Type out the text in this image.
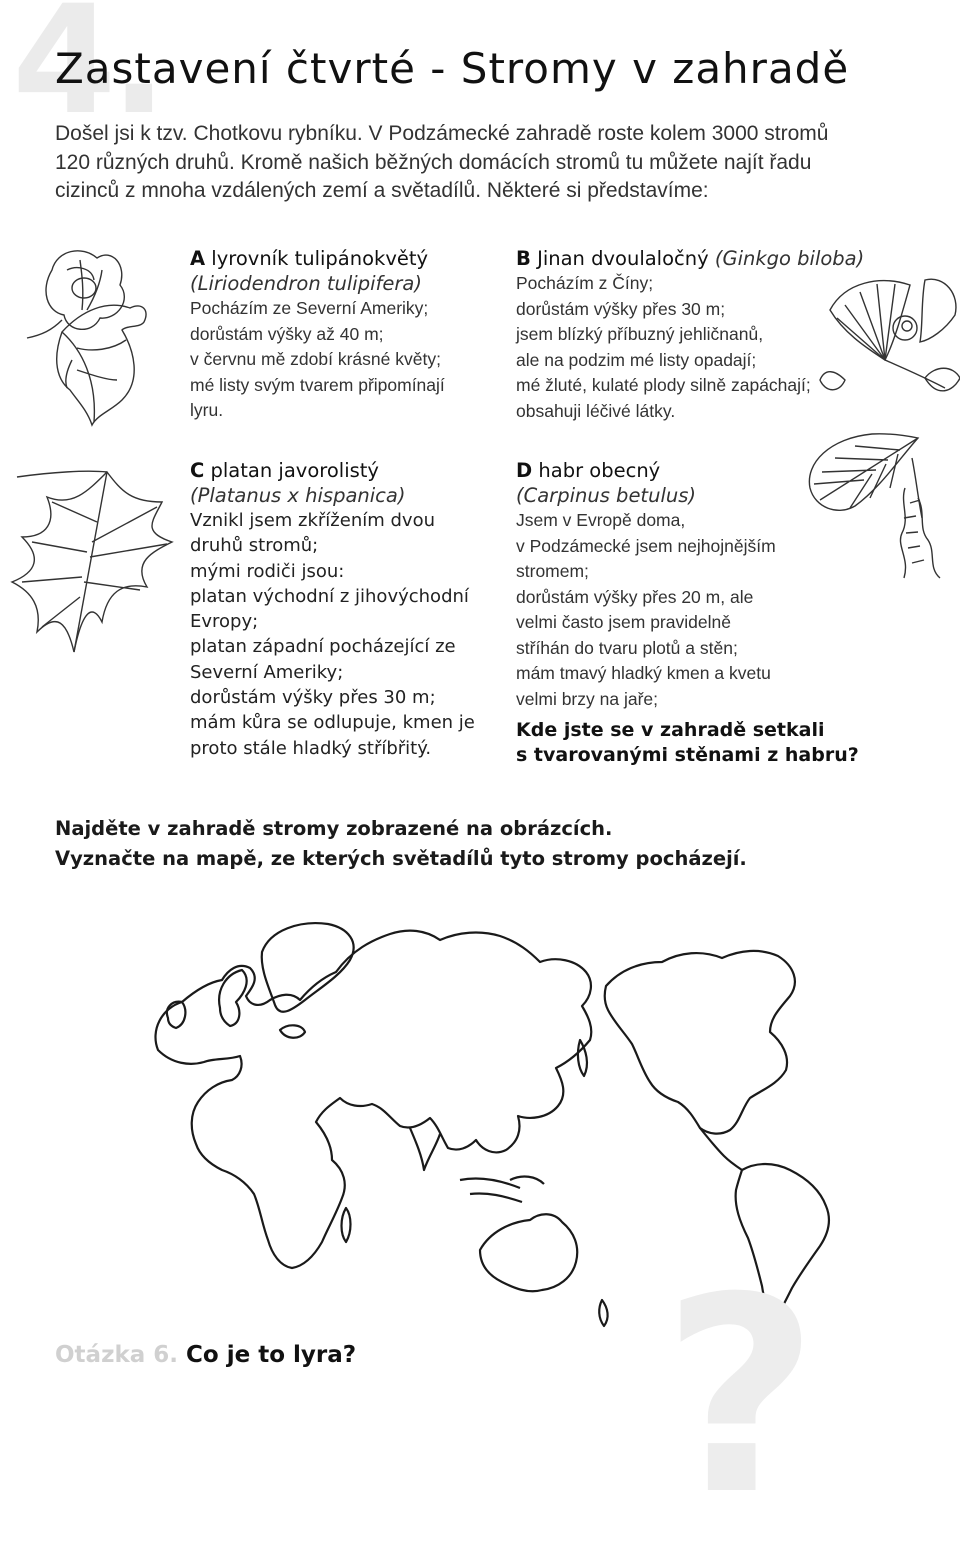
4.
Zastavení čtvrté - Stromy v zahradě
Došel jsi k tzv. Chotkovu rybníku. V Podzámecké zahradě roste kolem 3000 stromů
120 různých druhů. Kromě našich běžných domácích stromů tu můžete najít řadu
cizinců z mnoha vzdálených zemí a světadílů. Některé si představíme:
A lyrovník tulipánokvětý
(Liriodendron tulipifera)
Pocházím ze Severní Ameriky;
dorůstám výšky až 40 m;
v červnu mě zdobí krásné květy;
mé listy svým tvarem připomínají
lyru.
B Jinan dvoulaločný (Ginkgo biloba)
Pocházím z Číny;
dorůstám výšky přes 30 m;
jsem blízký příbuzný jehličnanů,
ale na podzim mé listy opadají;
mé žluté, kulaté plody silně zapáchají;
obsahuji léčivé látky.
C platan javorolistý
(Platanus x hispanica)
Vznikl jsem zkřížením dvou
druhů stromů;
mými rodiči jsou:
platan východní z jihovýchodní
Evropy;
platan západní pocházející ze
Severní Ameriky;
dorůstám výšky přes 30 m;
mám kůra se odlupuje, kmen je
proto stále hladký stříbřitý.
D habr obecný
(Carpinus betulus)
Jsem v Evropě doma,
v Podzámecké jsem nejhojnějším
stromem;
dorůstám výšky přes 20 m, ale
velmi často jsem pravidelně
stříhán do tvaru plotů a stěn;
mám tmavý hladký kmen a kvetu
velmi brzy na jaře;
Kde jste se v zahradě setkali
s tvarovanými stěnami z habru?
Najděte v zahradě stromy zobrazené na obrázcích.
Vyznačte na mapě, ze kterých světadílů tyto stromy pocházejí.
Otázka 6. Co je to lyra? ?
